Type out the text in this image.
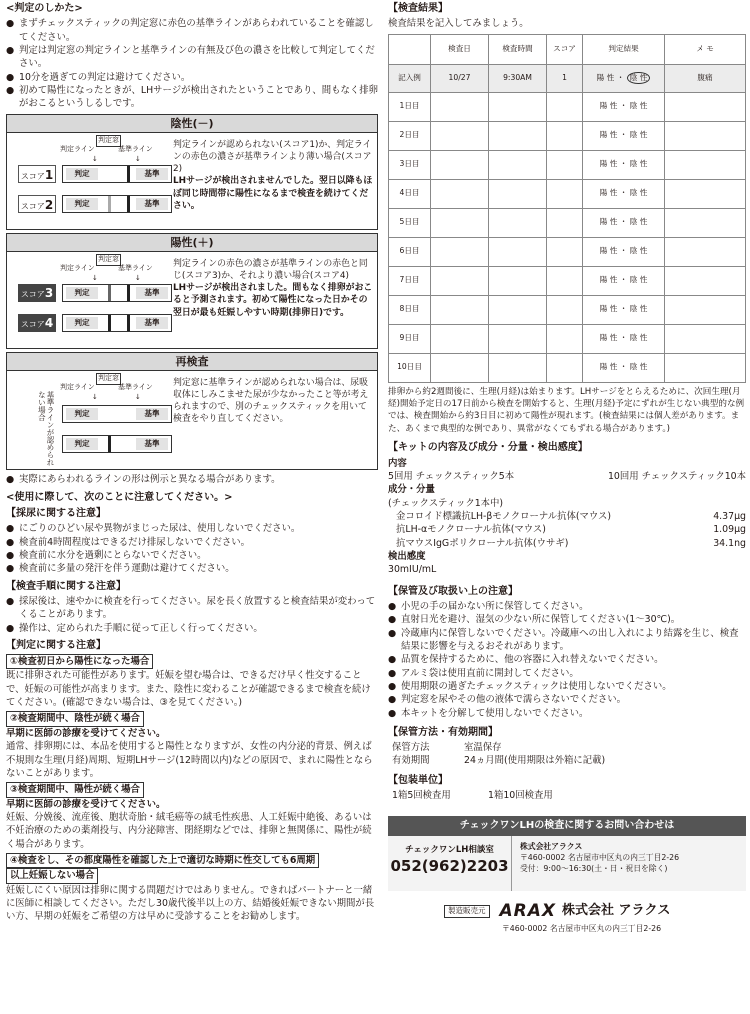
<判定のしかた>
● まずチェックスティックの判定窓に赤色の基準ラインがあらわれていることを確認してください。
● 判定は判定窓の判定ラインと基準ラインの有無及び色の濃さを比較して判定してください。
● 10分を過ぎての判定は避けてください。
● 初めて陽性になったときが、LHサージが検出されたということであり、間もなく排卵がおこるというしるしです。
陰性(－)
判定窓
判定ライン	基準ライン
↓	↓
スコア1	判定	基準
スコア2	判定	基準
判定ラインが認められない(スコア1)か、判定ラインの赤色の濃さが基準ラインより薄い場合(スコア2)
LHサージが検出されませんでした。翌日以降もほぼ同じ時間帯に陽性になるまで検査を続けてください。
陽性(＋)
判定窓
判定ライン	基準ライン
↓	↓
スコア3	判定	基準
スコア4	判定	基準
判定ラインの赤色の濃さが基準ラインの赤色と同じ(スコア3)か、それより濃い場合(スコア4)
LHサージが検出されました。間もなく排卵がおこると予測されます。初めて陽性になった日かその翌日が最も妊娠しやすい時期(排卵日)です。
再検査
基準ラインが認められない場合
判定窓
判定ライン	基準ライン
↓	↓
判定	基準
判定	基準
判定窓に基準ラインが認められない場合は、尿吸収体にしみこませた尿が少なかったこと等が考えられますので、別のチェックスティックを用いて検査をやり直してください。
● 実際にあらわれるラインの形は例示と異なる場合があります。
<使用に際して、次のことに注意してください。>
【採尿に関する注意】
● にごりのひどい尿や異物がまじった尿は、使用しないでください。
● 検査前4時間程度はできるだけ排尿しないでください。
● 検査前に水分を過剰にとらないでください。
● 検査前に多量の発汗を伴う運動は避けてください。
【検査手順に関する注意】
● 採尿後は、速やかに検査を行ってください。尿を長く放置すると検査結果が変わってくることがあります。
● 操作は、定められた手順に従って正しく行ってください。
【判定に関する注意】
①検査初日から陽性になった場合
既に排卵された可能性があります。妊娠を望む場合は、できるだけ早く性交することで、妊娠の可能性が高まります。また、陰性に変わることが確認できるまで検査を続けてください。(確認できない場合は、③を見てください。)
②検査期間中、陰性が続く場合
早期に医師の診療を受けてください。
通常、排卵期には、本品を使用すると陽性となりますが、女性の内分泌的背景、例えば不規則な生理(月経)周期、短期LHサージ(12時間以内)などの原因で、まれに陽性とならないことがあります。
③検査期間中、陽性が続く場合
早期に医師の診療を受けてください。
妊娠、分娩後、流産後、胞状奇胎・絨毛癌等の絨毛性疾患、人工妊娠中絶後、あるいは不妊治療のための薬剤投与、内分泌障害、閉経期などでは、排卵と無関係に、陽性が続く場合があります。
④検査をし、その都度陽性を確認した上で適切な時期に性交しても6周期
以上妊娠しない場合
妊娠しにくい原因は排卵に関する問題だけではありません。できればパートナーと一緒に医師に相談してください。ただし30歳代後半以上の方、結婚後妊娠できない期間が長い方、早期の妊娠をご希望の方は早めに受診することをお勧めします。
【検査結果】
検査結果を記入してみましょう。
	検査日	検査時間	スコア	判定結果	メ モ
記入例	10/27	9:30AM	1	陽 性 ・ 陰 性	腹痛
1日目				陽 性 ・ 陰 性	
2日目				陽 性 ・ 陰 性	
3日目				陽 性 ・ 陰 性	
4日目				陽 性 ・ 陰 性	
5日目				陽 性 ・ 陰 性	
6日目				陽 性 ・ 陰 性	
7日目				陽 性 ・ 陰 性	
8日目				陽 性 ・ 陰 性	
9日目				陽 性 ・ 陰 性	
10日目				陽 性 ・ 陰 性	
排卵から約2週間後に、生理(月経)は始まります。LHサージをとらえるために、次回生理(月経)開始予定日の17日前から検査を開始すると、生理(月経)予定にずれが生じない典型的な例では、検査開始から約3日目に初めて陽性が現れます。(検査結果には個人差があります。また、あくまで典型的な例であり、異常がなくてもずれる場合があります。)
【キットの内容及び成分・分量・検出感度】
内容
5回用 チェックスティック5本	10回用 チェックスティック10本
成分・分量
(チェックスティック1本中)
金コロイド標識抗LH-βモノクローナル抗体(マウス)	4.37μg
抗LH-αモノクローナル抗体(マウス)	1.09μg
抗マウスIgGポリクローナル抗体(ウサギ)	34.1ng
検出感度
30mIU/mL
【保管及び取扱い上の注意】
● 小児の手の届かない所に保管してください。
● 直射日光を避け、湿気の少ない所に保管してください(1～30℃)。
● 冷蔵庫内に保管しないでください。冷蔵庫への出し入れにより結露を生じ、検査結果に影響を与えるおそれがあります。
● 品質を保持するために、他の容器に入れ替えないでください。
● アルミ袋は使用直前に開封してください。
● 使用期限の過ぎたチェックスティックは使用しないでください。
● 判定窓を尿やその他の液体で濡らさないでください。
● 本キットを分解して使用しないでください。
【保管方法・有効期間】
保管方法	室温保存
有効期間	24ヵ月間(使用期限は外箱に記載)
【包装単位】
1箱5回検査用	1箱10回検査用
チェックワンLHの検査に関するお問い合わせは
チェックワンLH相談室
052(962)2203
株式会社アラクス
〒460-0002 名古屋市中区丸の内三丁目2-26
受付：9:00～16:30(土・日・祝日を除く)
製造販売元 ARAX 株式会社 アラクス
〒460-0002 名古屋市中区丸の内三丁目2-26
